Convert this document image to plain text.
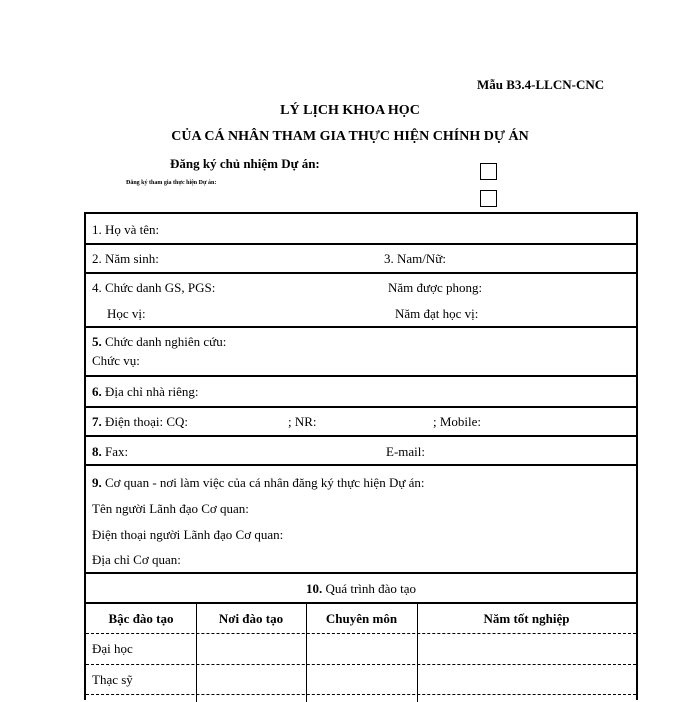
Mẫu B3.4-LLCN-CNC
LÝ LỊCH KHOA HỌC
CỦA CÁ NHÂN THAM GIA THỰC HIỆN CHÍNH DỰ ÁN
Đăng ký chủ nhiệm Dự án:
Đăng ký tham gia thực hiện Dự án:
1. Họ và tên:
2. Năm sinh:	3. Nam/Nữ:
4. Chức danh GS, PGS:	Năm được phong:
Học vị:	Năm đạt học vị:
5. Chức danh nghiên cứu:
Chức vụ:
6. Địa chỉ nhà riêng:
7. Điện thoại: CQ:	; NR:	; Mobile:
8. Fax:	E-mail:
9. Cơ quan - nơi làm việc của cá nhân đăng ký thực hiện Dự án:
Tên người Lãnh đạo Cơ quan:
Điện thoại người Lãnh đạo Cơ quan:
Địa chỉ Cơ quan:
10. Quá trình đào tạo
Bậc đào tạo	Nơi đào tạo	Chuyên môn	Năm tốt nghiệp
Đại học
Thạc sỹ
